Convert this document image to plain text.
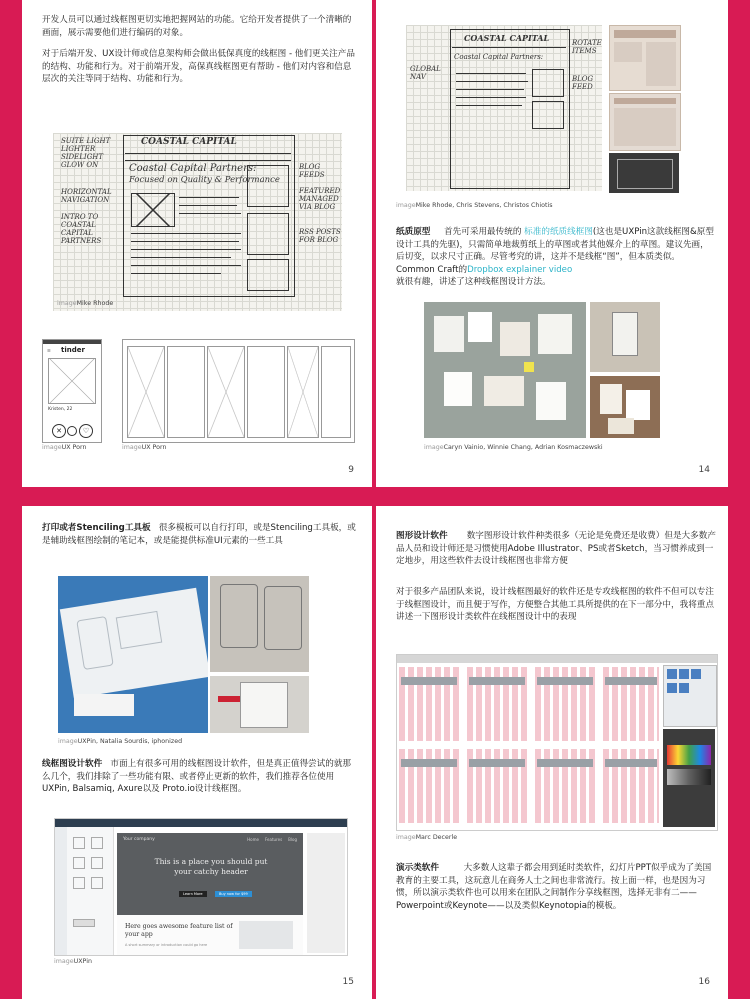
开发人员可以通过线框图更切实地把握网站的功能。它给开发者提供了一个清晰的画面，展示需要他们进行编码的对象。
对于后端开发、UX设计师或信息架构师会做出低保真度的线框图 - 他们更关注产品的结构、功能和行为。对于前端开发，高保真线框图更有帮助 - 他们对内容和信息层次的关注等同于结构、功能和行为。
SUITE LIGHT
LIGHTER
SIDELIGHT
GLOW ON
HORIZONTAL
NAVIGATION
INTRO TO
COASTAL
CAPITAL
PARTNERS
COASTAL CAPITAL
Coastal Capital Partners:
Focused on Quality & Performance
BLOG
FEEDS
FEATURED
MANAGED
VIA BLOG
RSS POSTS
FOR BLOG
imageMike Rhode
☰ tinder
Kristen, 22
✕	♡
imageUX Porn	imageUX Porn
9
COASTAL CAPITAL
Coastal Capital Partners:
GLOBAL
NAV
ROTATE
ITEMS
BLOG
FEED
imageMike Rhode, Chris Stevens, Christos Chiotis
纸质原型 首先可采用最传统的 标准的纸质线框图(这也是UXPin这款线框图&原型设计工具的先驱)，只需简单地裁剪纸上的草图或者其他媒介上的草图。建议先画，后切变，以求尺寸正确。尽管考究的讲，这并不是线框“图”，但本质类似。Common Craft的Dropbox explainer video
就很有趣，讲述了这种线框图设计方法。
imageCaryn Vainio, Winnie Chang, Adrian Kosmaczewski
14
打印或者Stenciling工具板 很多模板可以自行打印，或是Stenciling工具板，或是辅助线框图绘制的笔记本，或是能提供标准UI元素的一些工具
imageUXPin, Natalia Sourdis, iphonized
线框图设计软件 市面上有很多可用的线框图设计软件，但是真正值得尝试的就那么几个，我们排除了一些功能有限、或者停止更新的软件，我们推荐各位使用UXPin, Balsamiq, Axure以及 Proto.io设计线框图。
Your company	Home Features Blog
This is a place you should put your catchy header
Learn More	Buy now for $99
Here goes awesome feature list of your app
A short summary or introduction could go here
imageUXPin
15
图形设计软件 数字图形设计软件种类很多（无论是免费还是收费）但是大多数产品人员和设计师还是习惯使用Adobe Illustrator、PS或者Sketch，当习惯养成到一定地步，用这些软件去设计线框图也非常方便
对于很多产品团队来说，设计线框图最好的软件还是专攻线框图的软件不但可以专注于线框图设计，而且便于写作，方便整合其他工具所提供的在下一部分中，我将重点讲述一下图形设计类软件在线框图设计中的表现
imageMarc Decerle
演示类软件	大多数人这辈子都会用到延时类软件，幻灯片PPT似乎成为了美国教育的主要工具，这玩意儿在商务人士之间也非常流行。按上面一样，也是因为习惯，所以演示类软件也可以用来在团队之间制作分享线框图，选择无非有二——Powerpoint或Keynote——以及类似Keynotopia的模板。
16
